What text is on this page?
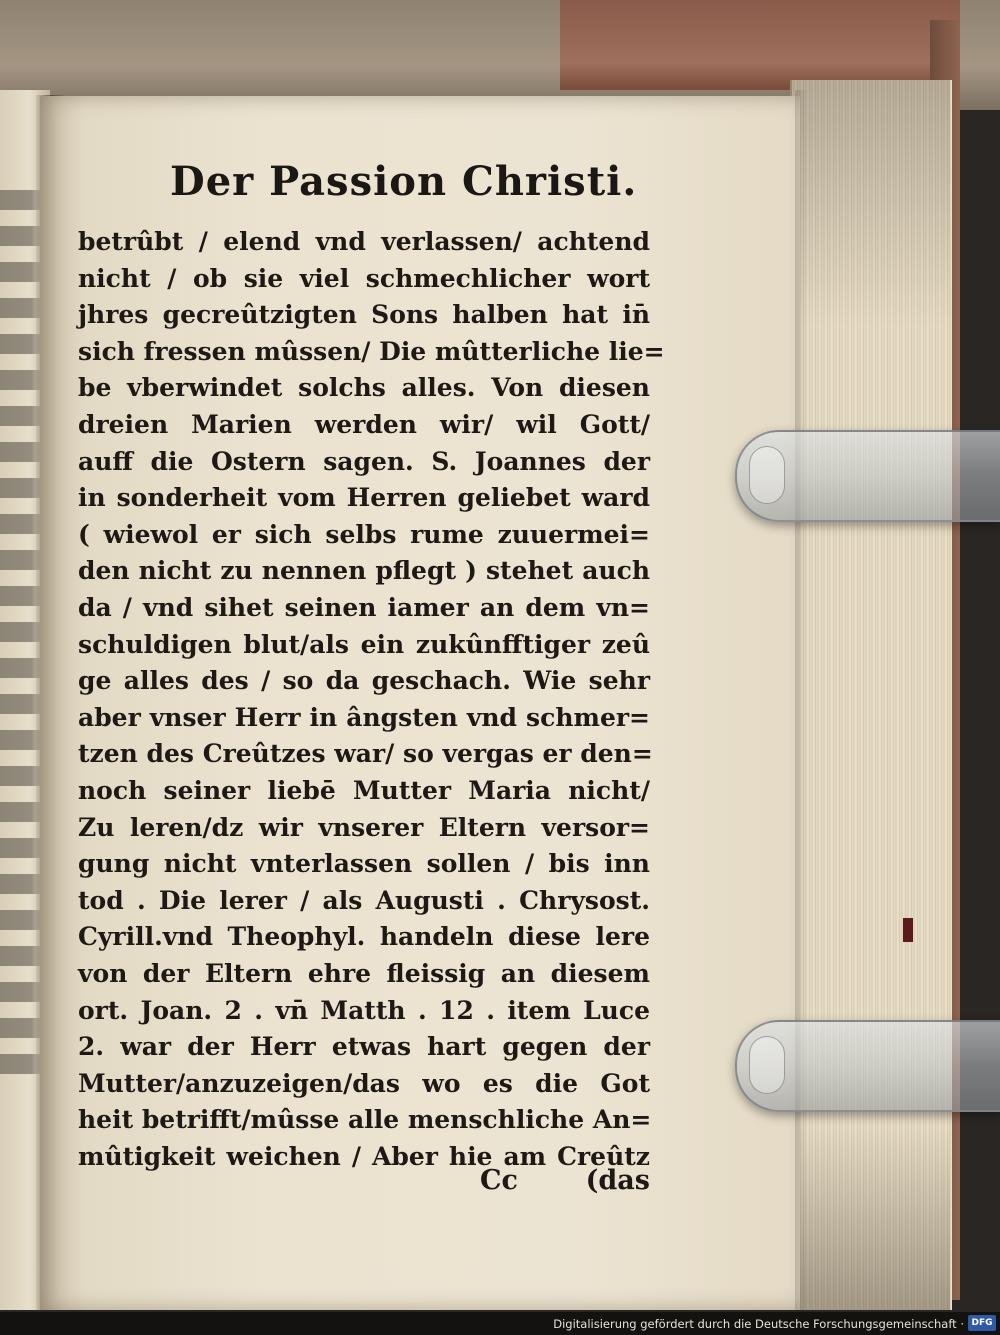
Der Passion Christi.
betrûbt / elend vnd verlassen/ achtend
nicht / ob sie viel schmechlicher wort
jhres gecreûtzigten Sons halben hat in̄
sich fressen mûssen/ Die mûtterliche lie=
be vberwindet solchs alles. Von diesen
dreien Marien werden wir/ wil Gott/
auff die Ostern sagen. S. Joannes der
in sonderheit vom Herren geliebet ward
( wiewol er sich selbs rume zuuermei=
den nicht zu nennen pflegt ) stehet auch
da / vnd sihet seinen iamer an dem vn=
schuldigen blut/als ein zukûnfftiger zeû
ge alles des / so da geschach. Wie sehr
aber vnser Herr in ângsten vnd schmer=
tzen des Creûtzes war/ so vergas er den=
noch seiner liebē Mutter Maria nicht/
Zu leren/dz wir vnserer Eltern versor=
gung nicht vnterlassen sollen / bis inn
tod . Die lerer / als Augusti . Chrysost.
Cyrill.vnd Theophyl. handeln diese lere
von der Eltern ehre fleissig an diesem
ort. Joan. 2 . vn̄ Matth . 12 . item Luce
2. war der Herr etwas hart gegen der
Mutter/anzuzeigen/das wo es die Got
heit betrifft/mûsse alle menschliche An=
mûtigkeit weichen / Aber hie am Creûtz
Cc	(das
Digitalisierung gefördert durch die Deutsche Forschungsgemeinschaft · DFG
